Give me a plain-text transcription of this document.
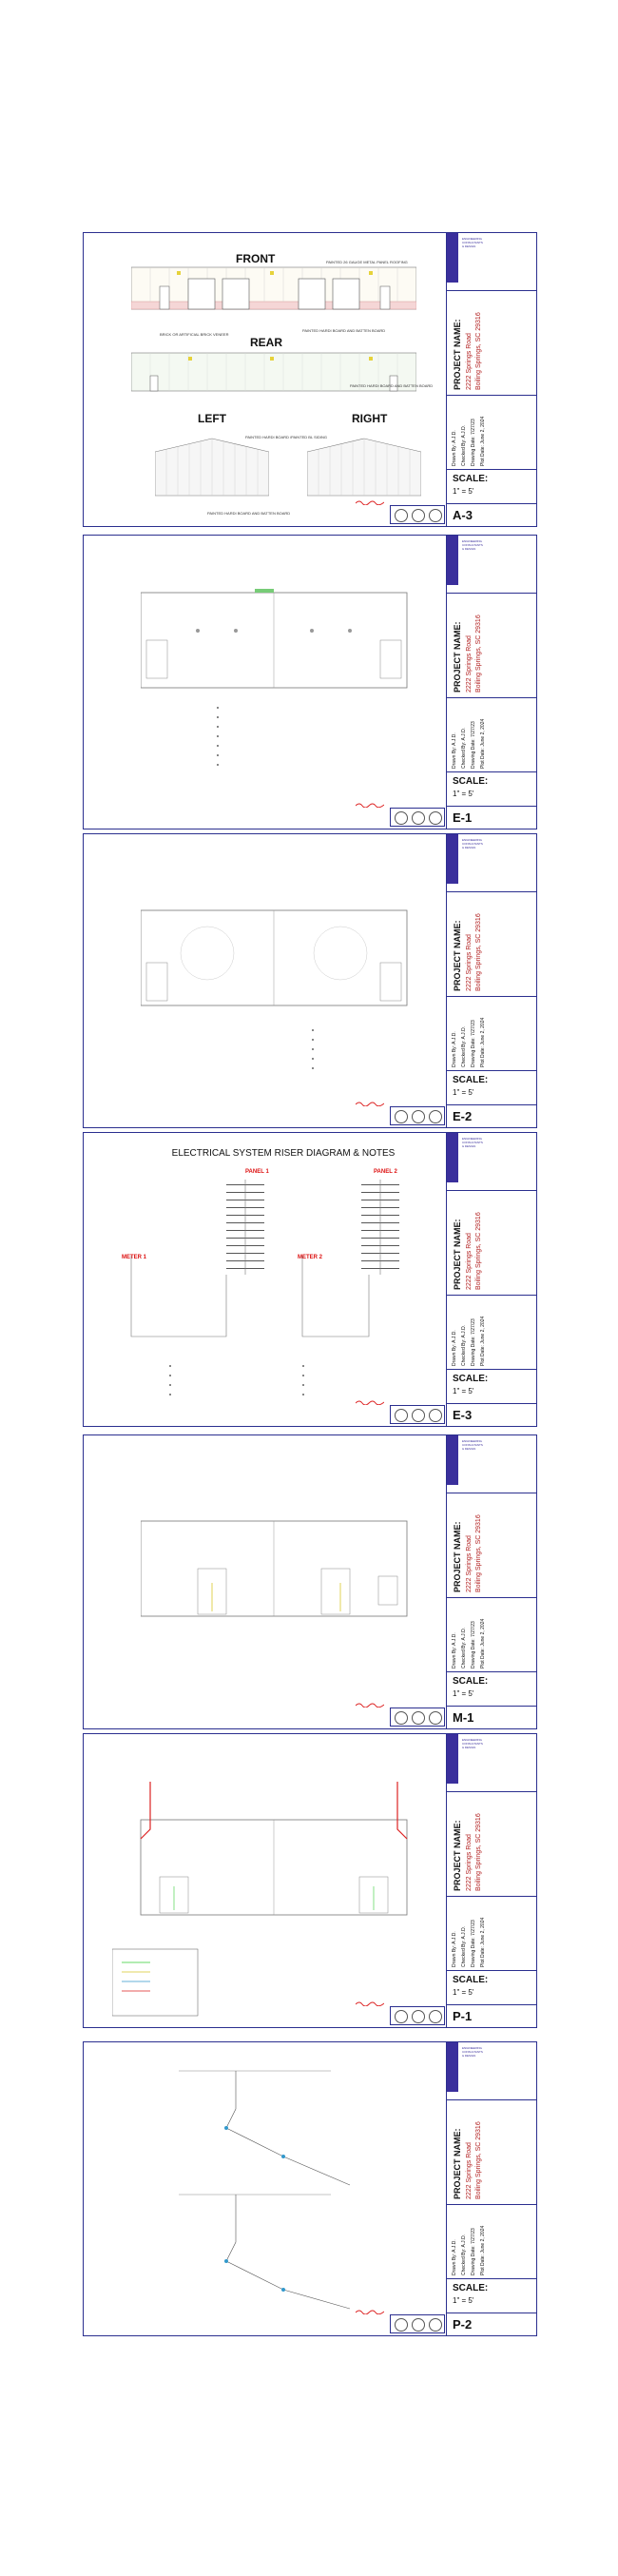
FRONT	PAINTED 26 GAUGE METAL PANEL ROOFING
BRICK OR ARTIFICIAL BRICK VENEER
PAINTED HARDI BOARD AND BATTEN BOARD
REAR
PAINTED HARDI BOARD AND BATTEN BOARD
LEFT	RIGHT
PAINTED HARDI BOARD /PAINTED BL SIDING
PAINTED HARDI BOARD AND BATTEN BOARD
ENGINEERING
CONSULTANTS
& DESIGN
PROJECT NAME: 2222 Springs Road Boiling Springs, SC 29316
Drawn By: A.J.D. Checked By: A.J.D. Drawing Date: 7/27/23 Plot Date: June 2, 2024
SCALE:
1" = 5'
A-3
ENGINEERING
CONSULTANTS
& DESIGN
PROJECT NAME: 2222 Springs Road Boiling Springs, SC 29316
Drawn By: A.J.D. Checked By: A.J.D. Drawing Date: 7/27/23 Plot Date: June 2, 2024
SCALE:
1" = 5'
E-1
ENGINEERING
CONSULTANTS
& DESIGN
PROJECT NAME: 2222 Springs Road Boiling Springs, SC 29316
Drawn By: A.J.D. Checked By: A.J.D. Drawing Date: 7/27/23 Plot Date: June 2, 2024
SCALE:
1" = 5'
E-2
ELECTRICAL SYSTEM RISER DIAGRAM & NOTES
PANEL 1	PANEL 2
METER 1	METER 2
ENGINEERING
CONSULTANTS
& DESIGN
PROJECT NAME: 2222 Springs Road Boiling Springs, SC 29316
Drawn By: A.J.D. Checked By: A.J.D. Drawing Date: 7/27/23 Plot Date: June 2, 2024
SCALE:
1" = 5'
E-3
ENGINEERING
CONSULTANTS
& DESIGN
PROJECT NAME: 2222 Springs Road Boiling Springs, SC 29316
Drawn By: A.J.D. Checked By: A.J.D. Drawing Date: 7/27/23 Plot Date: June 2, 2024
SCALE:
1" = 5'
M-1
ENGINEERING
CONSULTANTS
& DESIGN
PROJECT NAME: 2222 Springs Road Boiling Springs, SC 29316
Drawn By: A.J.D. Checked By: A.J.D. Drawing Date: 7/27/23 Plot Date: June 2, 2024
SCALE:
1" = 5'
P-1
ENGINEERING
CONSULTANTS
& DESIGN
PROJECT NAME: 2222 Springs Road Boiling Springs, SC 29316
Drawn By: A.J.D. Checked By: A.J.D. Drawing Date: 7/27/23 Plot Date: June 2, 2024
SCALE:
1" = 5'
P-2
